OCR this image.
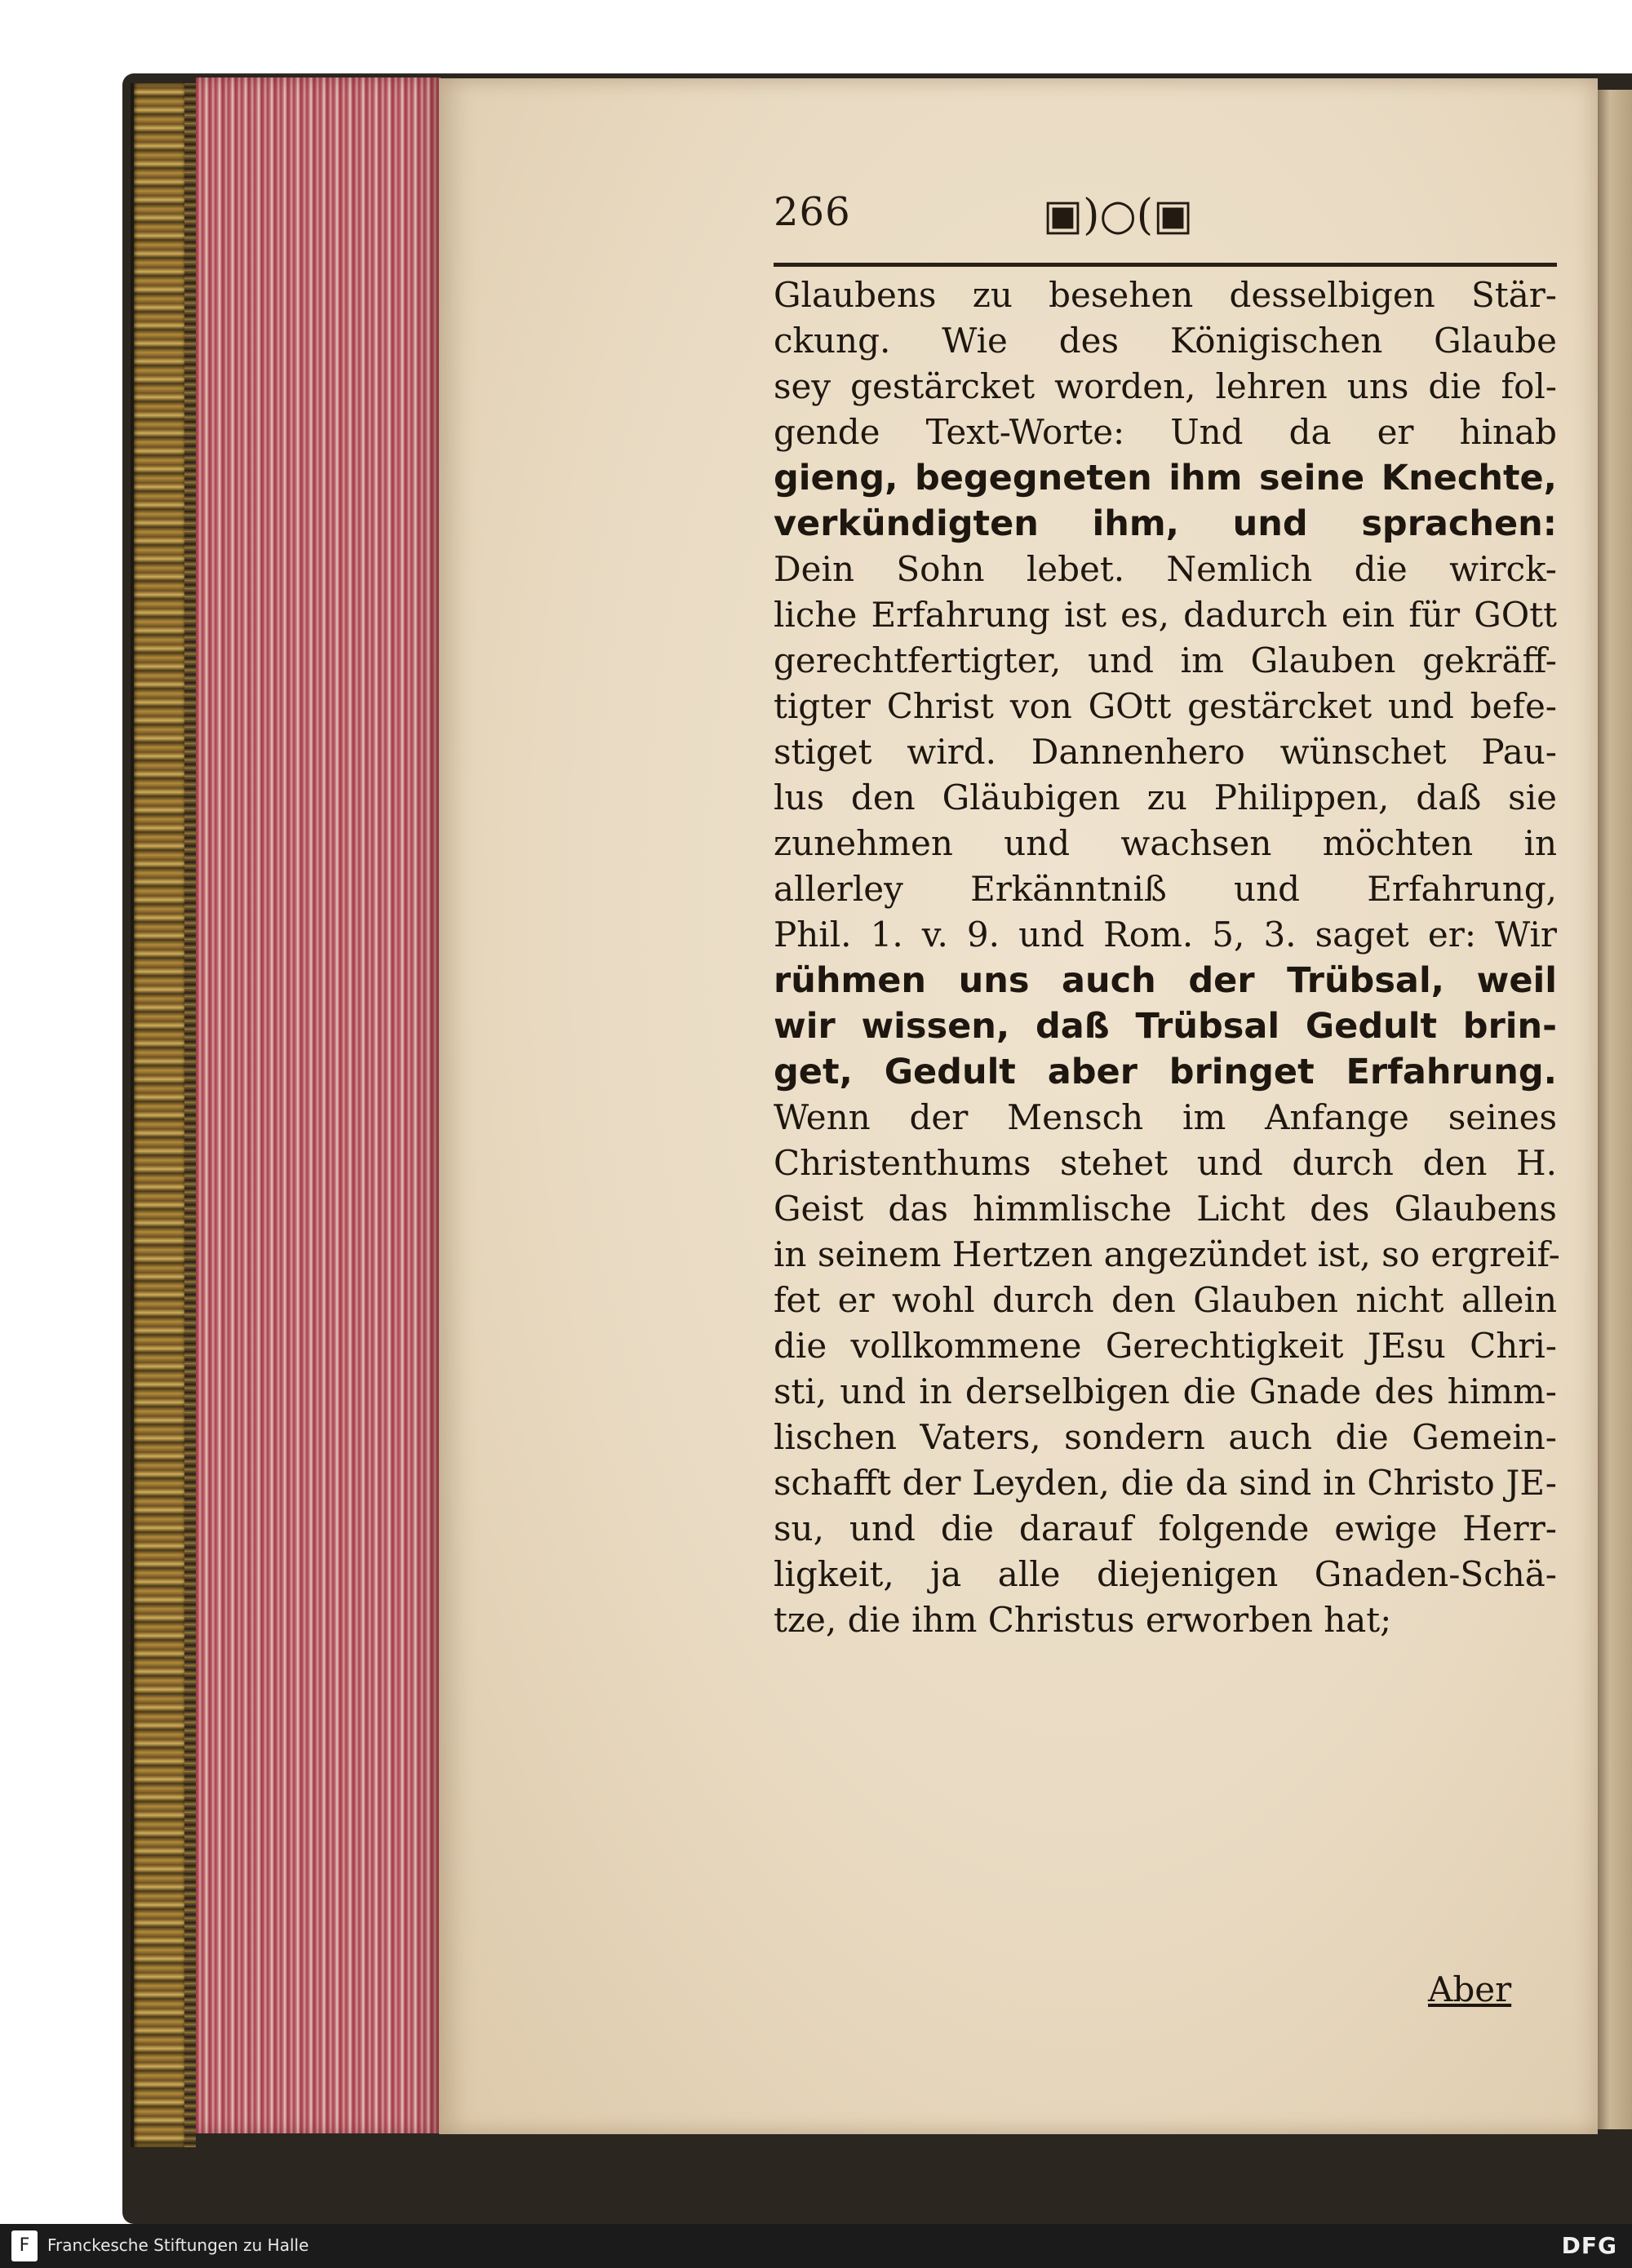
266	▣)○(▣
Glaubens zu besehen desselbigen Stär-
ckung. Wie des Königischen Glaube
sey gestärcket worden, lehren uns die fol-
gende Text-Worte: Und da er hinab
gieng, begegneten ihm seine Knechte,
verkündigten ihm, und sprachen:
Dein Sohn lebet. Nemlich die wirck-
liche Erfahrung ist es, dadurch ein für GOtt
gerechtfertigter, und im Glauben gekräff-
tigter Christ von GOtt gestärcket und befe-
stiget wird. Dannenhero wünschet Pau-
lus den Gläubigen zu Philippen, daß sie
zunehmen und wachsen möchten in
allerley Erkänntniß und Erfahrung,
Phil. 1. v. 9. und Rom. 5, 3. saget er: Wir
rühmen uns auch der Trübsal, weil
wir wissen, daß Trübsal Gedult brin-
get, Gedult aber bringet Erfahrung.
Wenn der Mensch im Anfange seines
Christenthums stehet und durch den H.
Geist das himmlische Licht des Glaubens
in seinem Hertzen angezündet ist, so ergreif-
fet er wohl durch den Glauben nicht allein
die vollkommene Gerechtigkeit JEsu Chri-
sti, und in derselbigen die Gnade des himm-
lischen Vaters, sondern auch die Gemein-
schafft der Leyden, die da sind in Christo JE-
su, und die darauf folgende ewige Herr-
ligkeit, ja alle diejenigen Gnaden-Schä-
tze, die ihm Christus erworben hat;
Aber
F	Franckesche Stiftungen zu Halle	DFG
